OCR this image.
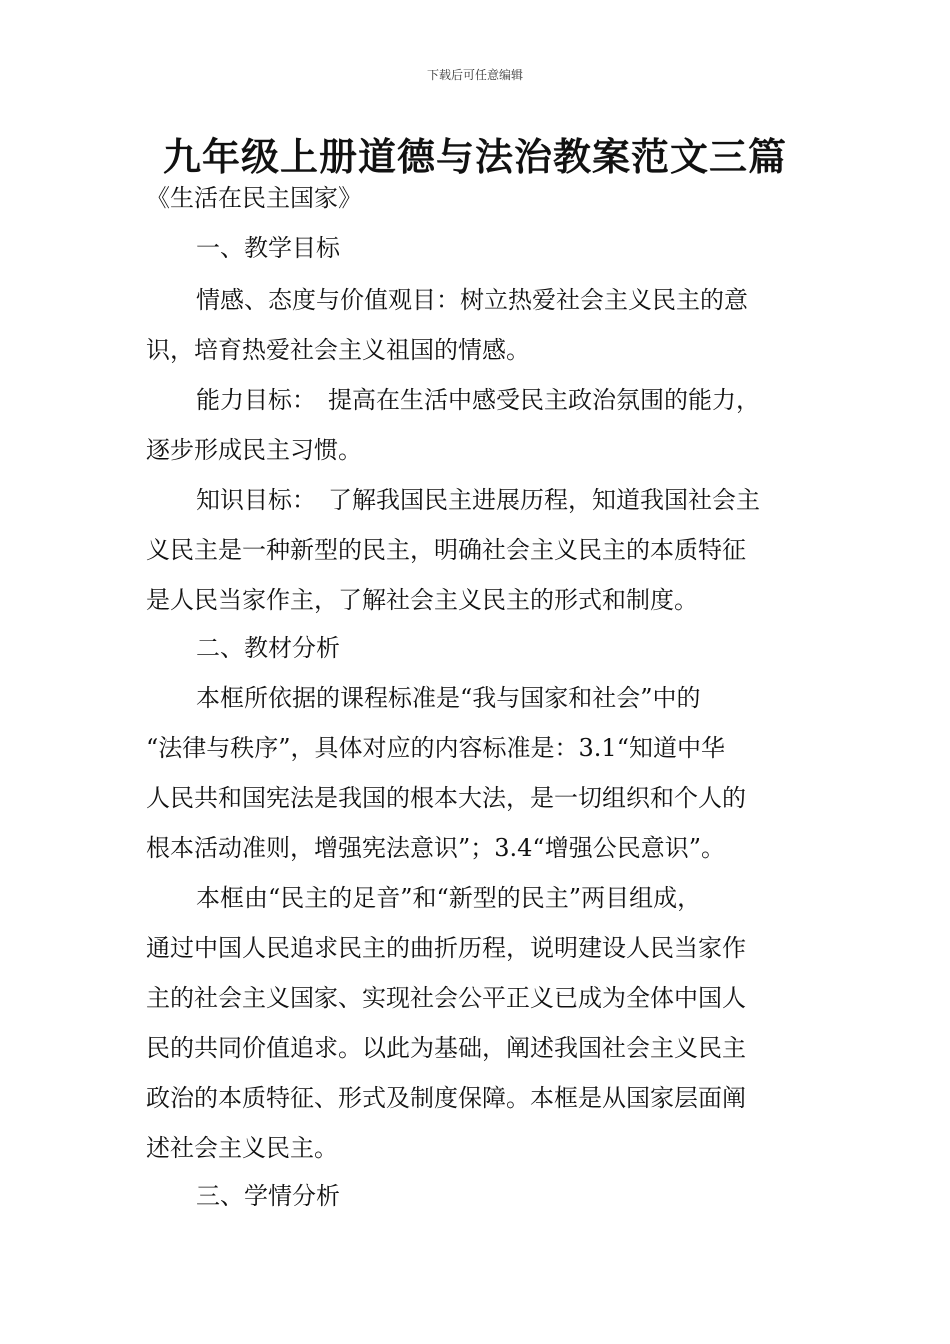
下载后可任意编辑
九年级上册道德与法治教案范文三篇
《生活在民主国家》
一、教学目标
情感、态度与价值观目：树立热爱社会主义民主的意
识，培育热爱社会主义祖国的情感。
能力目标：　提高在生活中感受民主政治氛围的能力，
逐步形成民主习惯。
知识目标：　了解我国民主进展历程，知道我国社会主
义民主是一种新型的民主，明确社会主义民主的本质特征
是人民当家作主，了解社会主义民主的形式和制度。
二、教材分析
本框所依据的课程标准是“我与国家和社会”中的
“法律与秩序”，具体对应的内容标准是：3.1“知道中华
人民共和国宪法是我国的根本大法，是一切组织和个人的
根本活动准则，增强宪法意识”；3.4“增强公民意识”。
本框由“民主的足音”和“新型的民主”两目组成，
通过中国人民追求民主的曲折历程，说明建设人民当家作
主的社会主义国家、实现社会公平正义已成为全体中国人
民的共同价值追求。以此为基础，阐述我国社会主义民主
政治的本质特征、形式及制度保障。本框是从国家层面阐
述社会主义民主。
三、学情分析
